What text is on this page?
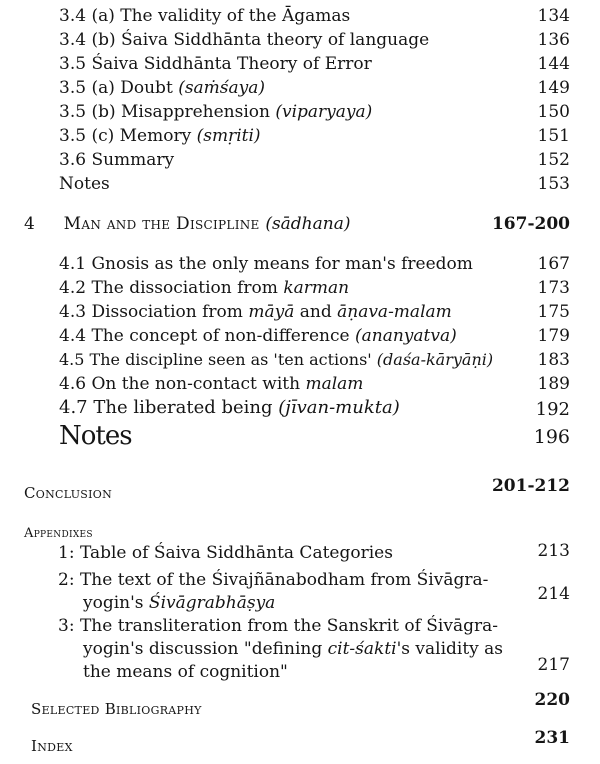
3.4 (a) The validity of the Āgamas	134
3.4 (b) Śaiva Siddhānta theory of language	136
3.5 Śaiva Siddhānta Theory of Error	144
3.5 (a) Doubt (saṁśaya)	149
3.5 (b) Misapprehension (viparyaya)	150
3.5 (c) Memory (smṛiti)	151
3.6 Summary	152
Notes	153
4 Man and the Discipline (sādhana)	167-200
4.1 Gnosis as the only means for man's freedom	167
4.2 The dissociation from karman	173
4.3 Dissociation from māyā and āṇava-malam	175
4.4 The concept of non-difference (ananyatva)	179
4.5 The discipline seen as 'ten actions' (daśa-kāryāṇi)	183
4.6 On the non-contact with malam	189
4.7 The liberated being (jīvan-mukta)	192
Notes	196
Conclusion	201-212
Appendixes
1: Table of Śaiva Siddhānta Categories	213
2: The text of the Śivajñānabodham from Śivāgra-
yogin's Śivāgrabhāṣya	214
3: The transliteration from the Sanskrit of Śivāgra-
yogin's discussion "defining cit-śakti's validity as
the means of cognition"	217
Selected Bibliography	220
Index	231
